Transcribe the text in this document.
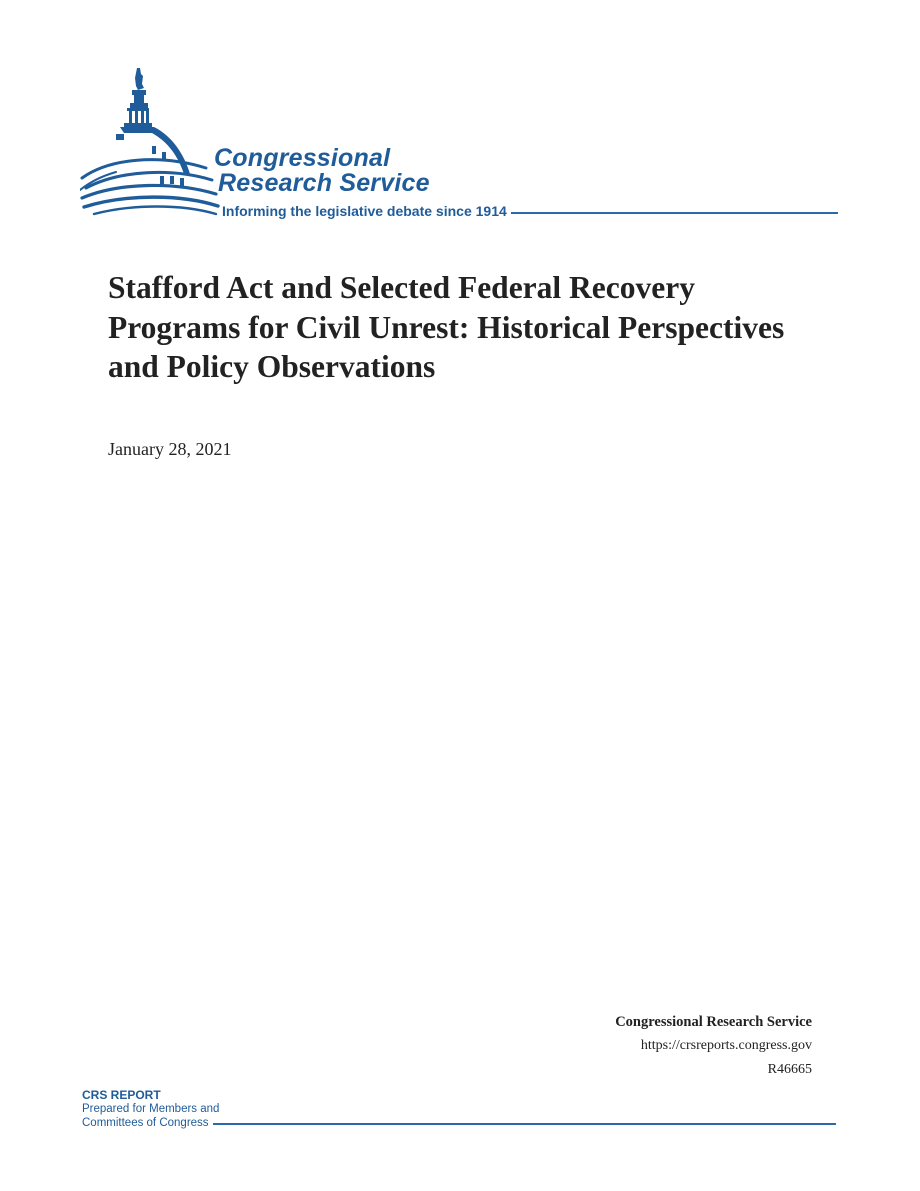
Congressional
Research Service
Informing the legislative debate since 1914
Stafford Act and Selected Federal Recovery Programs for Civil Unrest: Historical Perspectives and Policy Observations
January 28, 2021
Congressional Research Service
https://crsreports.congress.gov
R46665
CRS REPORT
Prepared for Members and
Committees of Congress
